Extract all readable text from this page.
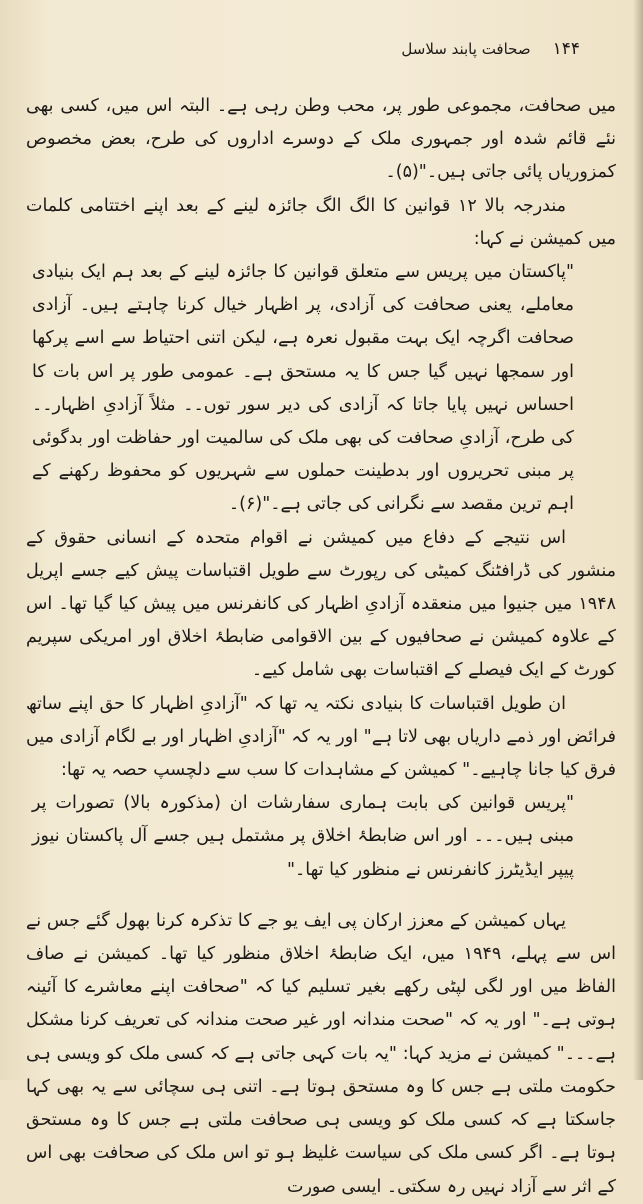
۱۴۴
صحافت پابند سلاسل

میں صحافت، مجموعی طور پر، محب وطن رہی ہے۔ البتہ اس میں، کسی بھی نئے قائم شدہ اور جمہوری ملک کے دوسرے اداروں کی طرح، بعض مخصوص کمزوریاں پائی جاتی ہیں۔"(۵)۔

مندرجہ بالا ۱۲ قوانین کا الگ الگ جائزہ لینے کے بعد اپنے اختتامی کلمات میں کمیشن نے کہا:

"پاکستان میں پریس سے متعلق قوانین کا جائزہ لینے کے بعد ہم ایک بنیادی معاملے، یعنی صحافت کی آزادی، پر اظہار خیال کرنا چاہتے ہیں۔ آزادی صحافت اگرچہ ایک بہت مقبول نعرہ ہے، لیکن اتنی احتیاط سے اسے پرکھا اور سمجھا نہیں گیا جس کا یہ مستحق ہے۔ عمومی طور پر اس بات کا احساس نہیں پایا جاتا کہ آزادی کی دیر سور توں۔۔ مثلاً آزادیِ اظہار۔۔ کی طرح، آزادیِ صحافت کی بھی ملک کی سالمیت اور حفاظت اور بدگوئی پر مبنی تحریروں اور بدطینت حملوں سے شہریوں کو محفوظ رکھنے کے اہم ترین مقصد سے نگرانی کی جاتی ہے۔"(۶)۔

اس نتیجے کے دفاع میں کمیشن نے اقوام متحدہ کے انسانی حقوق کے منشور کی ڈرافٹنگ کمیٹی کی رپورٹ سے طویل اقتباسات پیش کیے جسے اپریل ۱۹۴۸ میں جنیوا میں منعقدہ آزادیِ اظہار کی کانفرنس میں پیش کیا گیا تھا۔ اس کے علاوہ کمیشن نے صحافیوں کے بین الاقوامی ضابطۂ اخلاق اور امریکی سپریم کورٹ کے ایک فیصلے کے اقتباسات بھی شامل کیے۔

ان طویل اقتباسات کا بنیادی نکتہ یہ تھا کہ "آزادیِ اظہار کا حق اپنے ساتھ فرائض اور ذمے داریاں بھی لاتا ہے" اور یہ کہ "آزادیِ اظہار اور بے لگام آزادی میں فرق کیا جانا چاہیے۔" کمیشن کے مشاہدات کا سب سے دلچسپ حصہ یہ تھا:

"پریس قوانین کی بابت ہماری سفارشات ان (مذکورہ بالا) تصورات پر مبنی ہیں۔۔۔ اور اس ضابطۂ اخلاق پر مشتمل ہیں جسے آل پاکستان نیوز پیپر ایڈیٹرز کانفرنس نے منظور کیا تھا۔"

یہاں کمیشن کے معزز ارکان پی ایف یو جے کا تذکرہ کرنا بھول گئے جس نے اس سے پہلے، ۱۹۴۹ میں، ایک ضابطۂ اخلاق منظور کیا تھا۔ کمیشن نے صاف الفاظ میں اور لگی لپٹی رکھے بغیر تسلیم کیا کہ "صحافت اپنے معاشرے کا آئینہ ہوتی ہے۔" اور یہ کہ "صحت مندانہ اور غیر صحت مندانہ کی تعریف کرنا مشکل ہے۔۔۔" کمیشن نے مزید کہا: "یہ بات کہی جاتی ہے کہ کسی ملک کو ویسی ہی حکومت ملتی ہے جس کا وہ مستحق ہوتا ہے۔ اتنی ہی سچائی سے یہ بھی کہا جاسکتا ہے کہ کسی ملک کو ویسی ہی صحافت ملتی ہے جس کا وہ مستحق ہوتا ہے۔ اگر کسی ملک کی سیاست غلیظ ہو تو اس ملک کی صحافت بھی اس کے اثر سے آزاد نہیں رہ سکتی۔ ایسی صورت
